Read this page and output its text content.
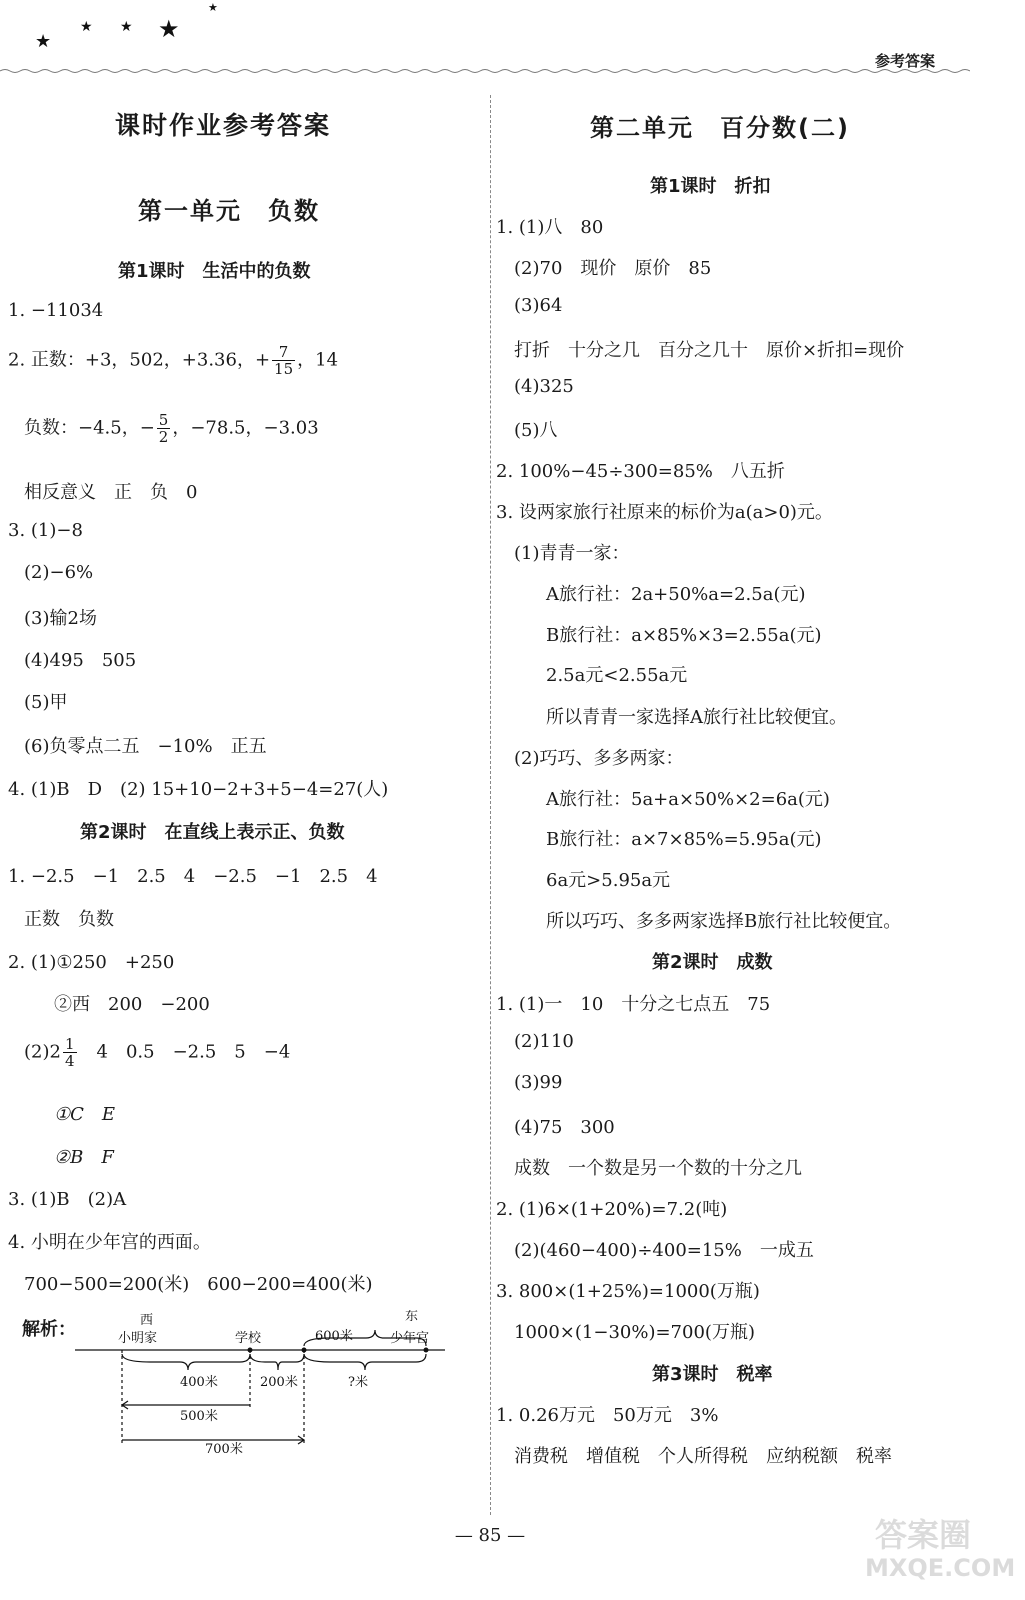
★
★ ★ ★
★
参考答案
课时作业参考答案
第一单元　负数
第1课时　生活中的负数
1. −11034
2. 正数：+3，502，+3.36，+ $\frac{7}{15}$ ，14
负数：−4.5，− $\frac{5}{2}$ ，−78.5，−3.03
相反意义　正　负　0
3. (1)−8
(2)−6%
(3)输2场
(4)495　505
(5)甲
(6)负零点二五　−10%　正五
4. (1)B　D　(2) 15+10−2+3+5−4=27(人)
第2课时　在直线上表示正、负数
1. −2.5　−1　2.5　4　−2.5　−1　2.5　4
正数　负数
2. (1)①250　+250
②西　200　−200
$(2)2 \frac{1}{4}$ 　4　0.5　−2.5　5　−4
①C　E
②B　F
3. (1)B　(2)A
4. 小明在少年宫的西面。
700−500=200(米)　600−200=400(米)
解析：	西
小明家	学校	600米
东
少年宫
400米	200米	?米
500米
700米
第二单元　百分数(二)
第1课时　折扣
1. (1)八　80
(2)70　现价　原价　85
(3)64
打折　十分之几　百分之几十　原价×折扣=现价
(4)325
(5)八
2. 100%−45÷300=85%　八五折
3. 设两家旅行社原来的标价为a(a>0)元。
(1)青青一家：
A旅行社：2a+50%a=2.5a(元)
B旅行社：a×85%×3=2.55a(元)
2.5a元<2.55a元
所以青青一家选择A旅行社比较便宜。
(2)巧巧、多多两家：
A旅行社：5a+a×50%×2=6a(元)
B旅行社：a×7×85%=5.95a(元)
6a元>5.95a元
所以巧巧、多多两家选择B旅行社比较便宜。
第2课时　成数
1. (1)一　10　十分之七点五　75
(2)110
(3)99
(4)75　300
成数　一个数是另一个数的十分之几
2. (1)6×(1+20%)=7.2(吨)
(2)(460−400)÷400=15%　一成五
3. 800×(1+25%)=1000(万瓶)
1000×(1−30%)=700(万瓶)
第3课时　税率
1. 0.26万元　50万元　3%
消费税　增值税　个人所得税　应纳税额　税率
— 85 —	答案圈
MXQE.COM
